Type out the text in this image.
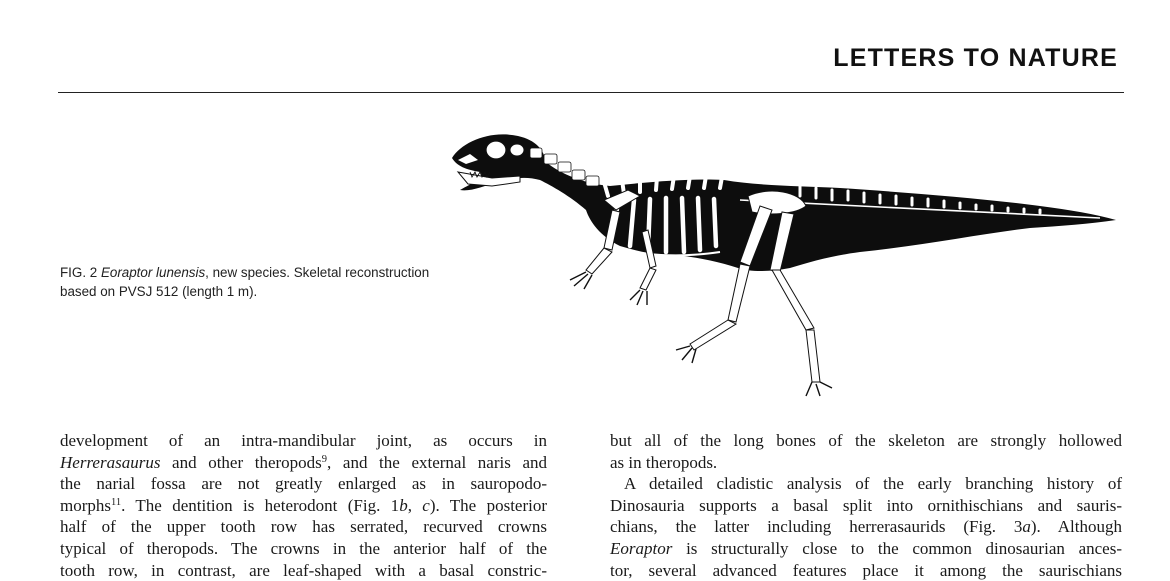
LETTERS TO NATURE
FIG. 2 Eoraptor lunensis, new species. Skeletal reconstruction
based on PVSJ 512 (length 1 m).
development of an intra-mandibular joint, as occurs in
Herrerasaurus and other theropods$^9$, and the external naris and
the narial fossa are not greatly enlarged as in sauropodo-
morphs$^{11}$. The dentition is heterodont (Fig. 1b, c). The posterior
half of the upper tooth row has serrated, recurved crowns
typical of theropods. The crowns in the anterior half of the
tooth row, in contrast, are leaf-shaped with a basal constric-
but all of the long bones of the skeleton are strongly hollowed
as in theropods.
A detailed cladistic analysis of the early branching history of
Dinosauria supports a basal split into ornithischians and sauris-
chians, the latter including herrerasaurids (Fig. 3a). Although
Eoraptor is structurally close to the common dinosaurian ances-
tor, several advanced features place it among the saurischians
